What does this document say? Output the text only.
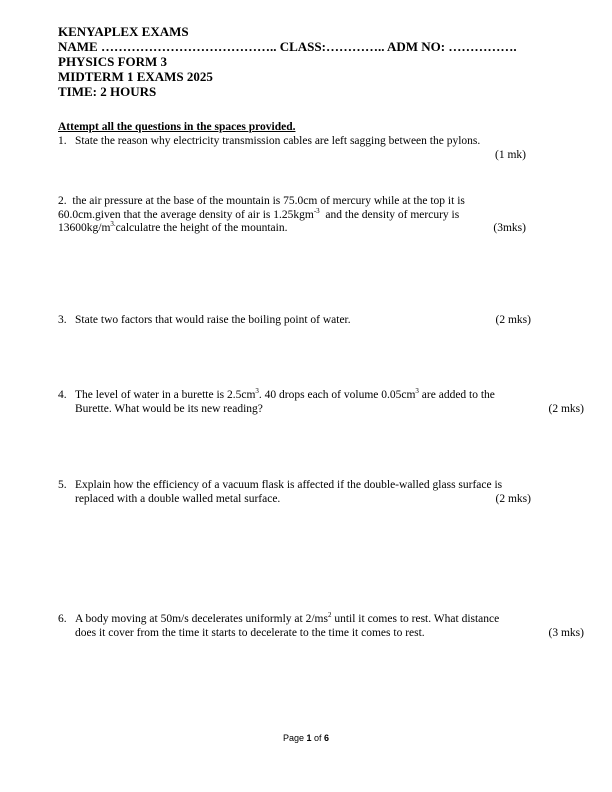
KENYAPLEX EXAMS
NAME ………………………………….. CLASS:………….. ADM NO: …………….
PHYSICS FORM 3
MIDTERM 1 EXAMS 2025
TIME: 2 HOURS
Attempt all the questions in the spaces provided.
1. State the reason why electricity transmission cables are left sagging between the pylons.
(1 mk)
2. the air pressure at the base of the mountain is 75.0cm of mercury while at the top it is
60.0cm.given that the average density of air is 1.25kgm$^{-3}$ and the density of mercury is
$13600kg/m^{3.}calculatre$ the height of the mountain.	(3mks)
3. State two factors that would raise the boiling point of water.	(2 mks)
4. The level of water in a burette is $2.5cm^3$. 40 drops each of volume $0.05cm^3$ are added to the
Burette. What would be its new reading?	(2 mks)
5. Explain how the efficiency of a vacuum flask is affected if the double-walled glass surface is
replaced with a double walled metal surface.	(2 mks)
6. A body moving at 50m/s decelerates uniformly at $2/ms^2$ until it comes to rest. What distance
does it cover from the time it starts to decelerate to the time it comes to rest.	(3 mks)
Page 1 of 6
